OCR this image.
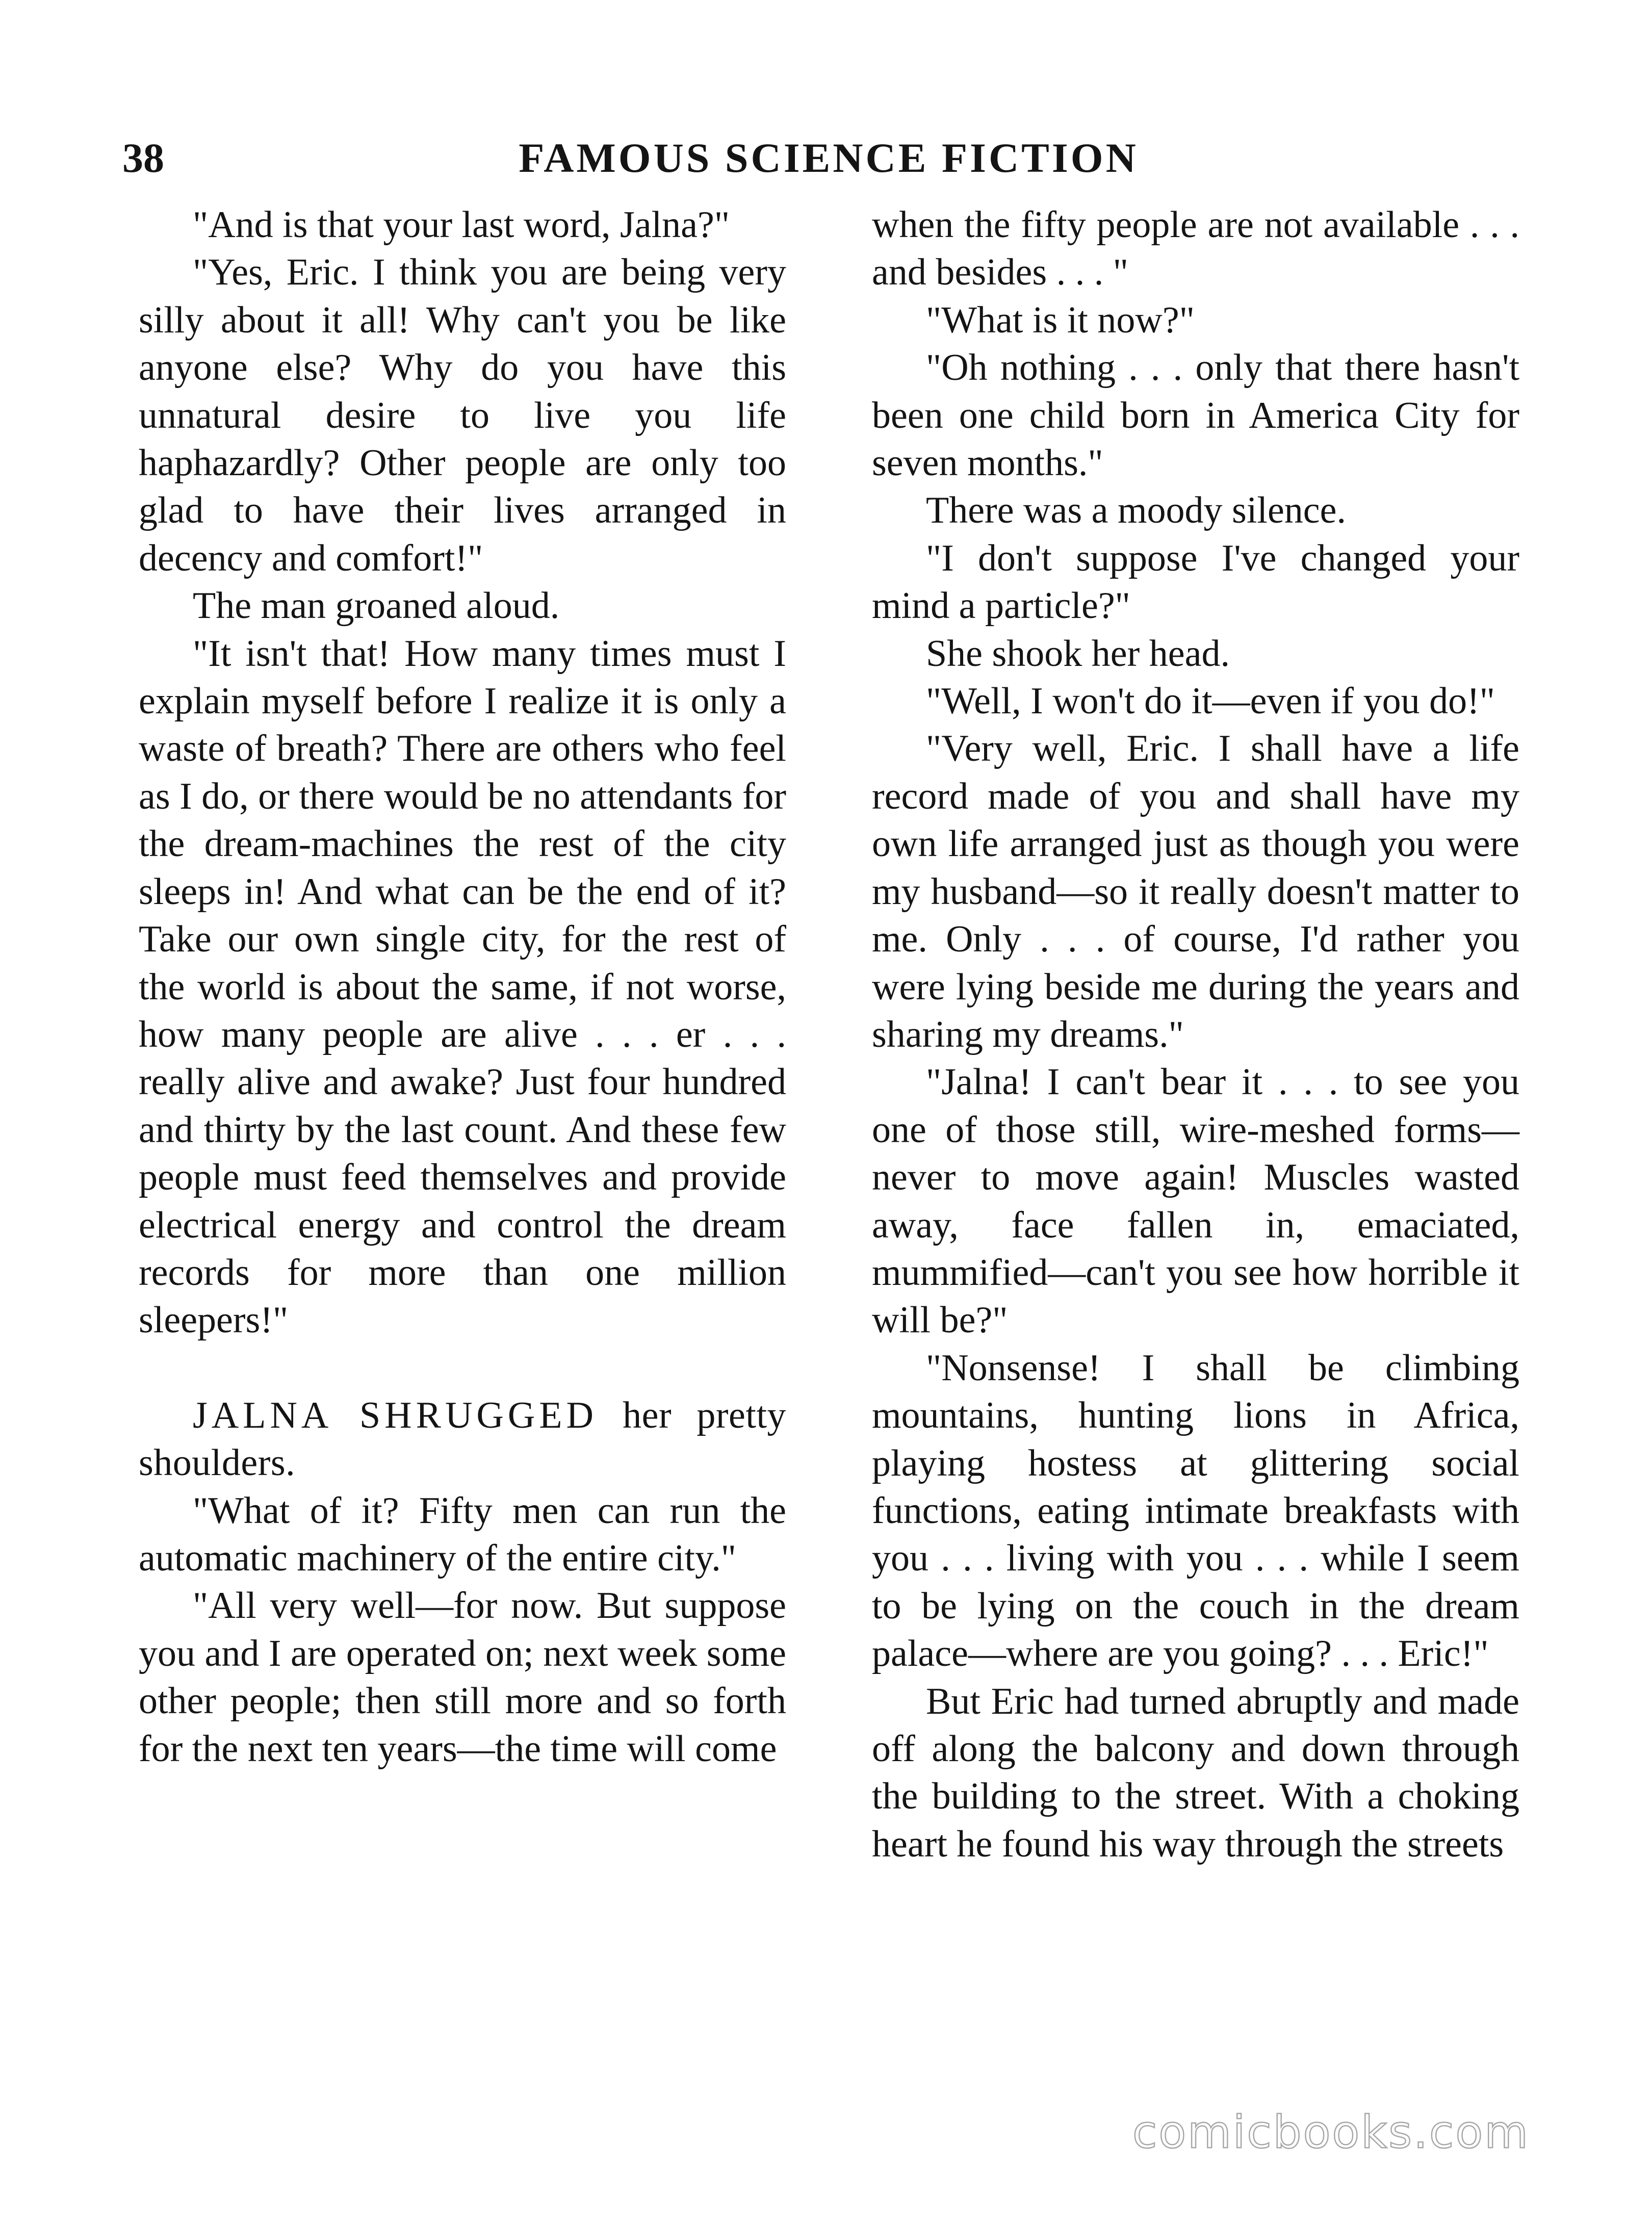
38	FAMOUS SCIENCE FICTION

"And is that your last word, Jalna?"

"Yes, Eric. I think you are being very silly about it all! Why can't you be like anyone else? Why do you have this unnatural desire to live you life haphazardly? Other people are only too glad to have their lives arranged in decency and comfort!"

The man groaned aloud.

"It isn't that! How many times must I explain myself before I realize it is only a waste of breath? There are others who feel as I do, or there would be no attendants for the dream-machines the rest of the city sleeps in! And what can be the end of it? Take our own single city, for the rest of the world is about the same, if not worse, how many people are alive . . . er . . . really alive and awake? Just four hundred and thirty by the last count. And these few people must feed themselves and provide electrical energy and control the dream records for more than one million sleepers!"

JALNA SHRUGGED her pretty shoulders.

"What of it? Fifty men can run the automatic machinery of the entire city."

"All very well—for now. But suppose you and I are operated on; next week some other people; then still more and so forth for the next ten years—the time will come

when the fifty people are not available . . . and besides . . . "

"What is it now?"

"Oh nothing . . . only that there hasn't been one child born in America City for seven months."

There was a moody silence.

"I don't suppose I've changed your mind a particle?"

She shook her head.

"Well, I won't do it—even if you do!"

"Very well, Eric. I shall have a life record made of you and shall have my own life arranged just as though you were my husband—so it really doesn't matter to me. Only . . . of course, I'd rather you were lying beside me during the years and sharing my dreams."

"Jalna! I can't bear it . . . to see you one of those still, wire-meshed forms—never to move again! Muscles wasted away, face fallen in, emaciated, mummified—can't you see how horrible it will be?"

"Nonsense! I shall be climbing mountains, hunting lions in Africa, playing hostess at glittering social functions, eating intimate breakfasts with you . . . living with you . . . while I seem to be lying on the couch in the dream palace—where are you going? . . . Eric!"

But Eric had turned abruptly and made off along the balcony and down through the building to the street. With a choking heart he found his way through the streets

comicbooks.com
